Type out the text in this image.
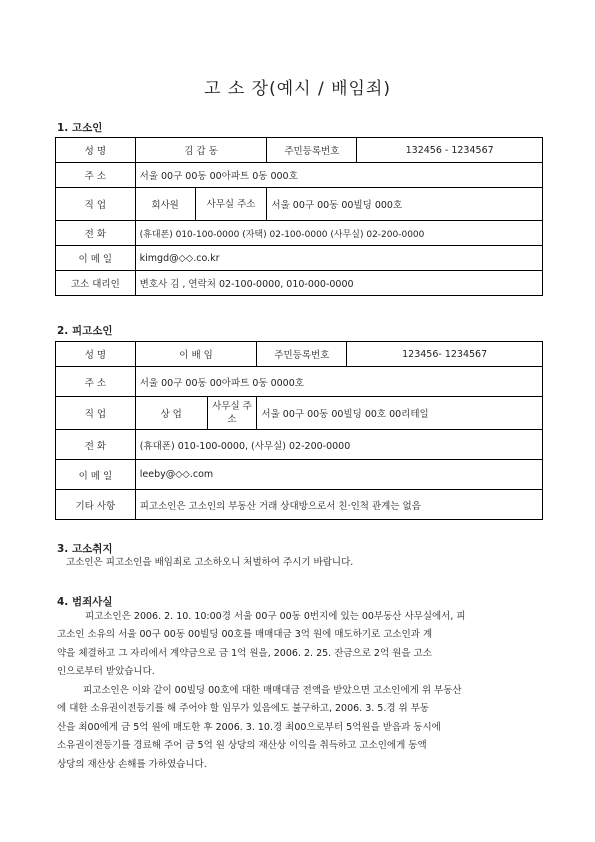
고 소 장(예시 / 배임죄)
1. 고소인
성 명	김 갑 동		주민등록번호	132456 - 1234567
주 소	서울 00구 00동 00아파트 0동 000호			
직 업	회사원	사무실 주소	서울 00구 00동 00빌딩 000호	
전 화	(휴대폰) 010-100-0000 (자택) 02-100-0000 (사무실) 02-200-0000			
이 메 일	kimgd@◇◇.co.kr			
고소 대리인	변호사 김 , 연락처 02-100-0000, 010-000-0000			
2. 피고소인
성 명	이 배 임		주민등록번호	123456- 1234567
주 소	서울 00구 00동 00아파트 0동 0000호			
직 업	상 업	사무실 주소	서울 00구 00동 00빌딩 00호 00리테일	
전 화	(휴대폰) 010-100-0000, (사무실) 02-200-0000			
이 메 일	leeby@◇◇.com			
기타 사항	피고소인은 고소인의 부동산 거래 상대방으로서 친·인척 관계는 없음			
3. 고소취지
고소인은 피고소인을 배임죄로 고소하오니 처벌하여 주시기 바랍니다.
4. 범죄사실
피고소인은 2006. 2. 10. 10:00경 서울 00구 00동 0번지에 있는 00부동산 사무실에서, 피
고소인 소유의 서울 00구 00동 00빌딩 00호를 매매대금 3억 원에 매도하기로 고소인과 계
약을 체결하고 그 자리에서 계약금으로 금 1억 원을, 2006. 2. 25. 잔금으로 2억 원을 고소
인으로부터 받았습니다.
피고소인은 이와 같이 00빌딩 00호에 대한 매매대금 전액을 받았으면 고소인에게 위 부동산
에 대한 소유권이전등기를 해 주어야 할 임무가 있음에도 불구하고, 2006. 3. 5.경 위 부동
산을 최00에게 금 5억 원에 매도한 후 2006. 3. 10.경 최00으로부터 5억원을 받음과 동시에
소유권이전등기를 경료해 주어 금 5억 원 상당의 재산상 이익을 취득하고 고소인에게 동액
상당의 재산상 손해를 가하였습니다.
